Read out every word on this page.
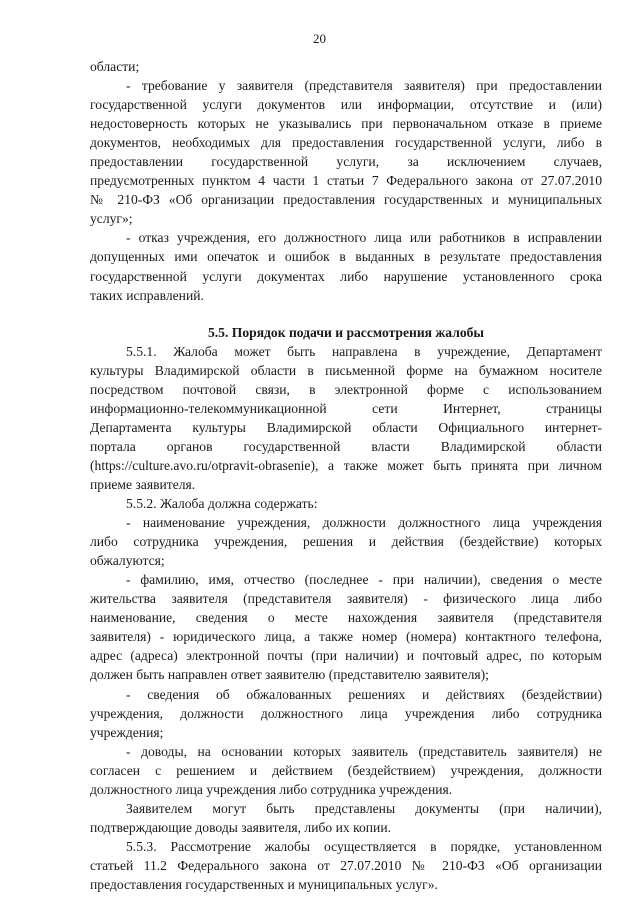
20
области;
- требование у заявителя (представителя заявителя) при предоставлении
государственной услуги документов или информации, отсутствие и (или)
недостоверность которых не указывались при первоначальном отказе в приеме
документов, необходимых для предоставления государственной услуги, либо в
предоставлении государственной услуги, за исключением случаев,
предусмотренных пунктом 4 части 1 статьи 7 Федерального закона от 27.07.2010
№ 210-ФЗ «Об организации предоставления государственных и муниципальных
услуг»;
- отказ учреждения, его должностного лица или работников в исправлении
допущенных ими опечаток и ошибок в выданных в результате предоставления
государственной услуги документах либо нарушение установленного срока
таких исправлений.
5.5. Порядок подачи и рассмотрения жалобы
5.5.1. Жалоба может быть направлена в учреждение, Департамент
культуры Владимирской области в письменной форме на бумажном носителе
посредством почтовой связи, в электронной форме с использованием
информационно-телекоммуникационной сети Интернет, страницы
Департамента культуры Владимирской области Официального интернет-
портала органов государственной власти Владимирской области
(https://culture.avo.ru/otpravit-obrasenie), а также может быть принята при личном
приеме заявителя.
5.5.2. Жалоба должна содержать:
- наименование учреждения, должности должностного лица учреждения
либо сотрудника учреждения, решения и действия (бездействие) которых
обжалуются;
- фамилию, имя, отчество (последнее - при наличии), сведения о месте
жительства заявителя (представителя заявителя) - физического лица либо
наименование, сведения о месте нахождения заявителя (представителя
заявителя) - юридического лица, а также номер (номера) контактного телефона,
адрес (адреса) электронной почты (при наличии) и почтовый адрес, по которым
должен быть направлен ответ заявителю (представителю заявителя);
- сведения об обжалованных решениях и действиях (бездействии)
учреждения, должности должностного лица учреждения либо сотрудника
учреждения;
- доводы, на основании которых заявитель (представитель заявителя) не
согласен с решением и действием (бездействием) учреждения, должности
должностного лица учреждения либо сотрудника учреждения.
Заявителем могут быть представлены документы (при наличии),
подтверждающие доводы заявителя, либо их копии.
5.5.3. Рассмотрение жалобы осуществляется в порядке, установленном
статьей 11.2 Федерального закона от 27.07.2010 № 210-ФЗ «Об организации
предоставления государственных и муниципальных услуг».
